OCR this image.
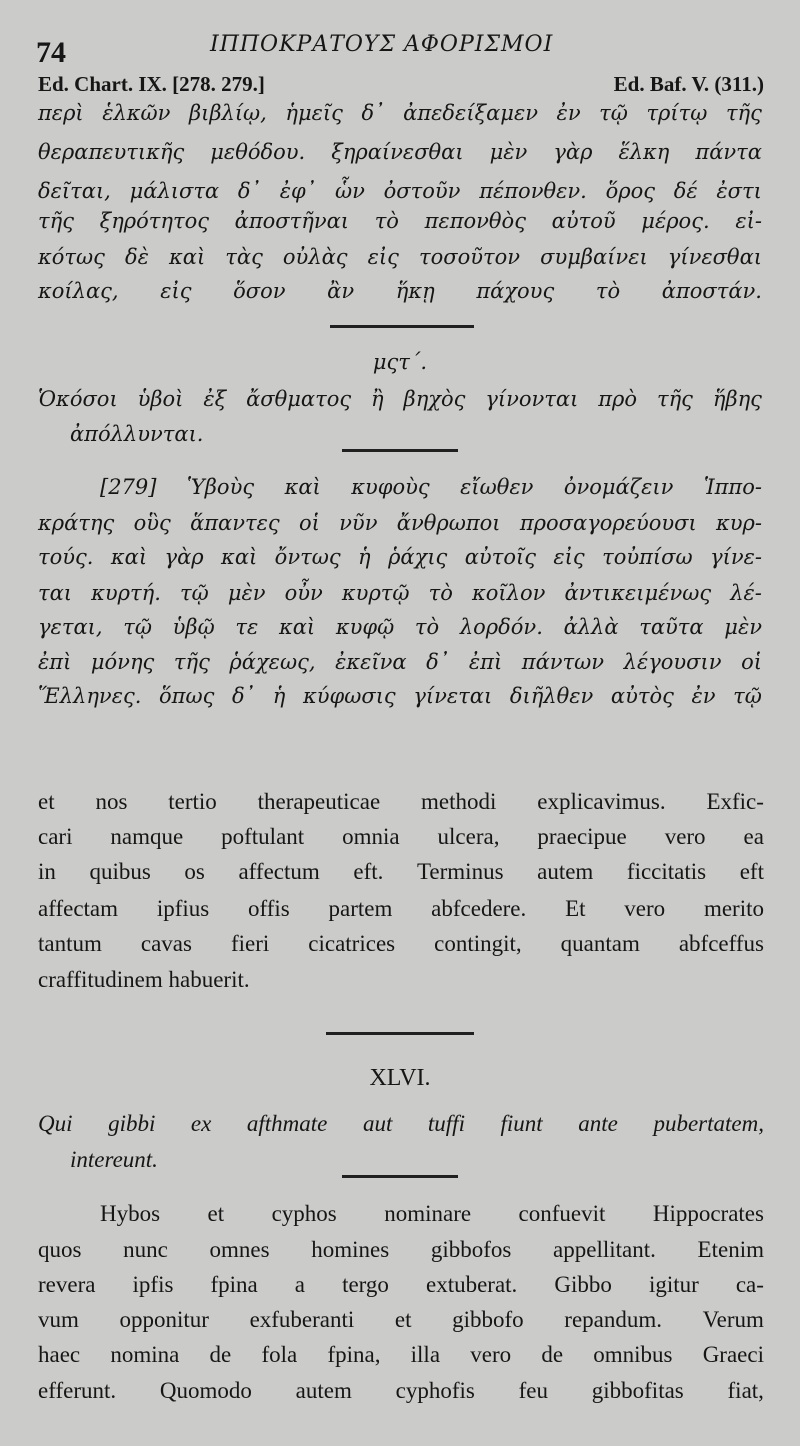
74	ΙΠΠΟΚΡΑΤΟΥΣ ΑΦΟΡΙΣΜΟΙ
Ed. Chart. IX. [278. 279.]	Ed. Baf. V. (311.)
περὶ ἑλκῶν βιβλίῳ, ἡμεῖς δ᾽ ἀπεδείξαμεν ἐν τῷ τρίτῳ τῆς
θεραπευτικῆς μεθόδου. ξηραίνεσθαι μὲν γὰρ ἕλκη πάντα
δεῖται, μάλιστα δ᾽ ἐφ᾽ ὧν ὀστοῦν πέπονθεν. ὅρος δέ ἐστι
τῆς ξηρότητος ἀποστῆναι τὸ πεπονθὸς αὐτοῦ μέρος. εἰ-
κότως δὲ καὶ τὰς οὐλὰς εἰς τοσοῦτον συμβαίνει γίνεσθαι
κοίλας, εἰς ὅσον ἂν ἥκῃ πάχους τὸ ἀποστάν.
μςτ΄.
Ὁκόσοι ὑβοὶ ἐξ ἄσθματος ἢ βηχὸς γίνονται πρὸ τῆς ἥβης
ἀπόλλυνται.
[279] Ὑβοὺς καὶ κυφοὺς εἴωθεν ὀνομάζειν Ἱππο-
κράτης οὓς ἅπαντες οἱ νῦν ἄνθρωποι προσαγορεύουσι κυρ-
τούς. καὶ γὰρ καὶ ὄντως ἡ ῥάχις αὐτοῖς εἰς τοὐπίσω γίνε-
ται κυρτή. τῷ μὲν οὖν κυρτῷ τὸ κοῖλον ἀντικειμένως λέ-
γεται, τῷ ὑβῷ τε καὶ κυφῷ τὸ λορδόν. ἀλλὰ ταῦτα μὲν
ἐπὶ μόνης τῆς ῥάχεως, ἐκεῖνα δ᾽ ἐπὶ πάντων λέγουσιν οἱ
Ἕλληνες. ὅπως δ᾽ ἡ κύφωσις γίνεται διῆλθεν αὐτὸς ἐν τῷ
et nos tertio therapeuticae methodi explicavimus. Exfic-
cari namque poftulant omnia ulcera, praecipue vero ea
in quibus os affectum eft. Terminus autem ficcitatis eft
affectam ipfius offis partem abfcedere. Et vero merito
tantum cavas fieri cicatrices contingit, quantam abfceffus
craffitudinem habuerit.
XLVI.
Qui gibbi ex afthmate aut tuffi fiunt ante pubertatem,
intereunt.
Hybos et cyphos nominare confuevit Hippocrates
quos nunc omnes homines gibbofos appellitant. Etenim
revera ipfis fpina a tergo extuberat. Gibbo igitur ca-
vum opponitur exfuberanti et gibbofo repandum. Verum
haec nomina de fola fpina, illa vero de omnibus Graeci
efferunt. Quomodo autem cyphofis feu gibbofitas fiat,
